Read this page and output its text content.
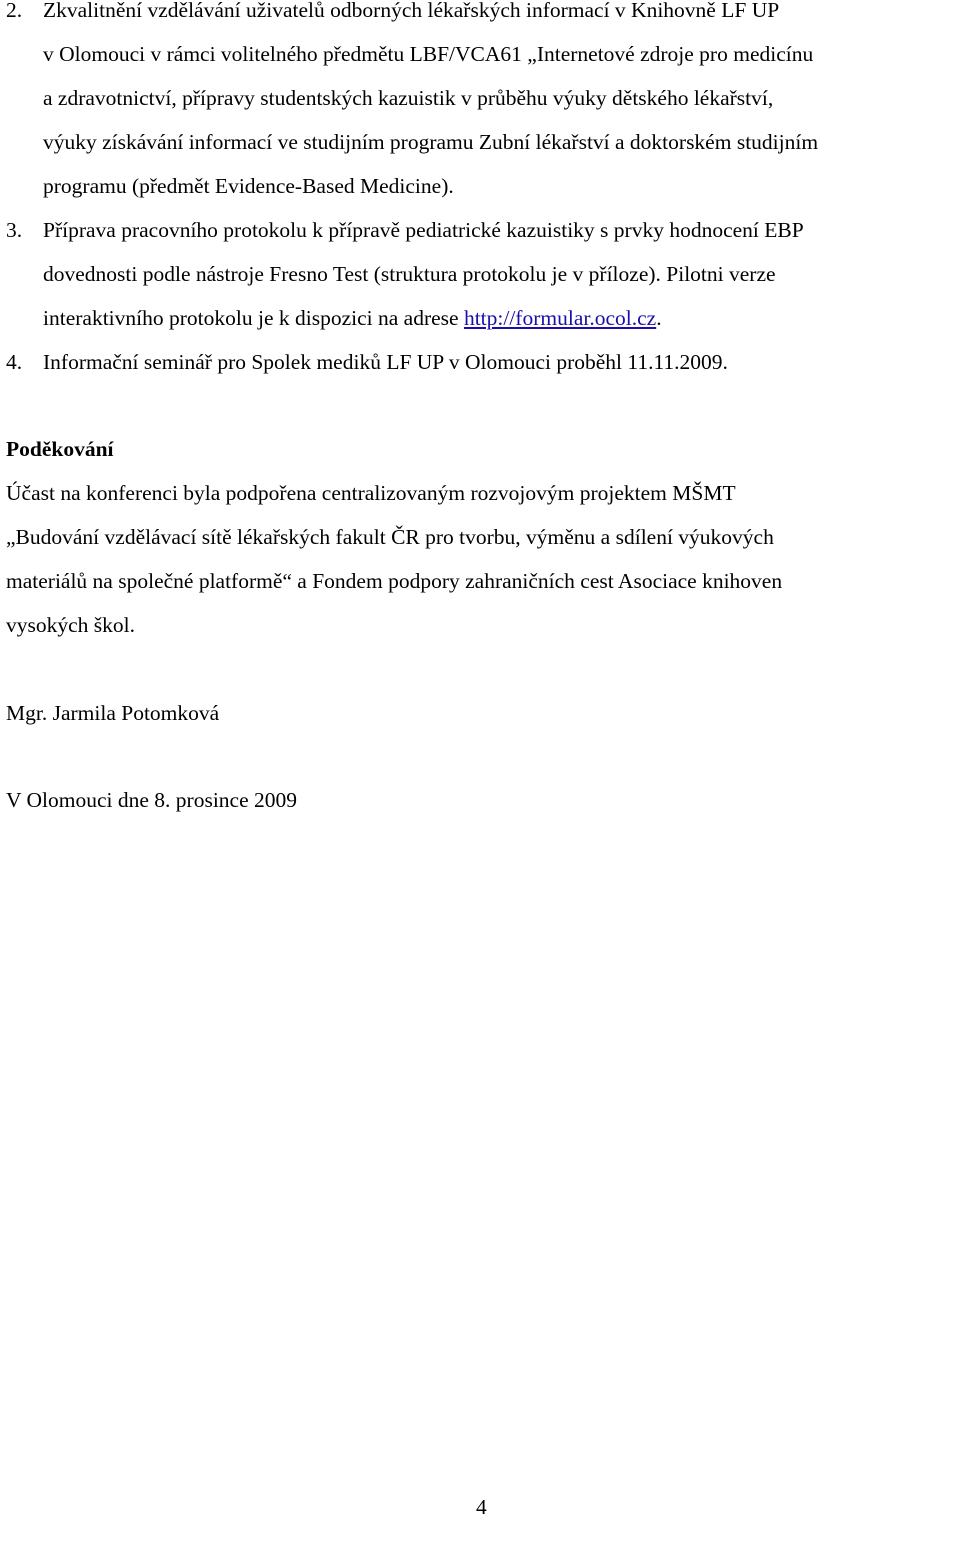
2. Zkvalitnění vzdělávání uživatelů odborných lékařských informací v Knihovně LF UP
v Olomouci v rámci volitelného předmětu LBF/VCA61 „Internetové zdroje pro medicínu
a zdravotnictví, přípravy studentských kazuistik v průběhu výuky dětského lékařství,
výuky získávání informací ve studijním programu Zubní lékařství a doktorském studijním
programu (předmět Evidence-Based Medicine).
3. Příprava pracovního protokolu k přípravě pediatrické kazuistiky s prvky hodnocení EBP
dovednosti podle nástroje Fresno Test (struktura protokolu je v příloze). Pilotni verze
interaktivního protokolu je k dispozici na adrese http://formular.ocol.cz.
4. Informační seminář pro Spolek mediků LF UP v Olomouci proběhl 11.11.2009.
Poděkování
Účast na konferenci byla podpořena centralizovaným rozvojovým projektem MŠMT
„Budování vzdělávací sítě lékařských fakult ČR pro tvorbu, výměnu a sdílení výukových
materiálů na společné platformě“ a Fondem podpory zahraničních cest Asociace knihoven
vysokých škol.
Mgr. Jarmila Potomková
V Olomouci dne 8. prosince 2009
4
